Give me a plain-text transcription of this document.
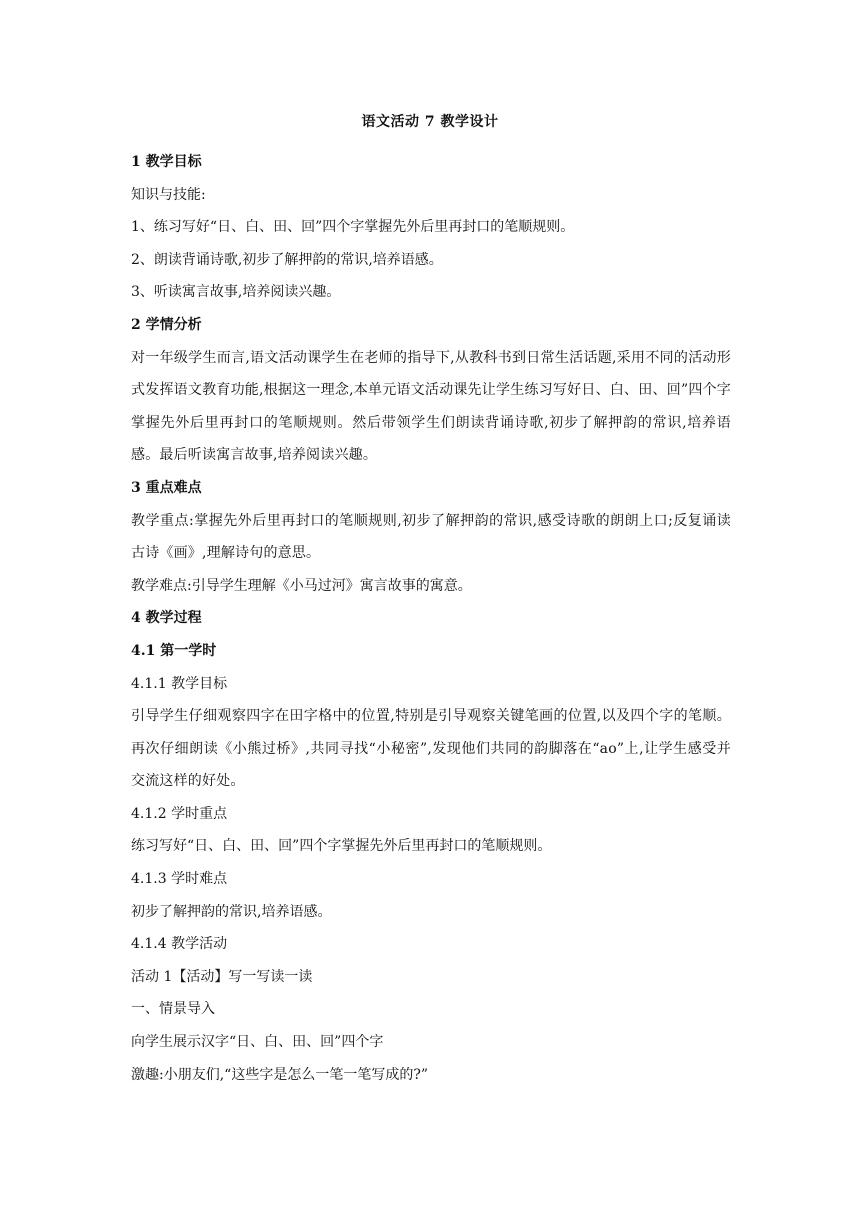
语文活动 7 教学设计
1 教学目标
知识与技能:
1、练习写好“日、白、田、回”四个字掌握先外后里再封口的笔顺规则。
2、朗读背诵诗歌,初步了解押韵的常识,培养语感。
3、听读寓言故事,培养阅读兴趣。
2 学情分析
对一年级学生而言,语文活动课学生在老师的指导下,从教科书到日常生活话题,采用不同的活动形式发挥语文教育功能,根据这一理念,本单元语文活动课先让学生练习写好日、白、田、回”四个字掌握先外后里再封口的笔顺规则。然后带领学生们朗读背诵诗歌,初步了解押韵的常识,培养语感。最后听读寓言故事,培养阅读兴趣。
3 重点难点
教学重点:掌握先外后里再封口的笔顺规则,初步了解押韵的常识,感受诗歌的朗朗上口;反复诵读古诗《画》,理解诗句的意思。
教学难点:引导学生理解《小马过河》寓言故事的寓意。
4 教学过程
4.1 第一学时
4.1.1 教学目标
引导学生仔细观察四字在田字格中的位置,特别是引导观察关键笔画的位置,以及四个字的笔顺。再次仔细朗读《小熊过桥》,共同寻找“小秘密”,发现他们共同的韵脚落在“ao”上,让学生感受并交流这样的好处。
4.1.2 学时重点
练习写好“日、白、田、回”四个字掌握先外后里再封口的笔顺规则。
4.1.3 学时难点
初步了解押韵的常识,培养语感。
4.1.4 教学活动
活动 1【活动】写一写读一读
一、情景导入
向学生展示汉字“日、白、田、回”四个字
激趣:小朋友们,“这些字是怎么一笔一笔写成的?”
